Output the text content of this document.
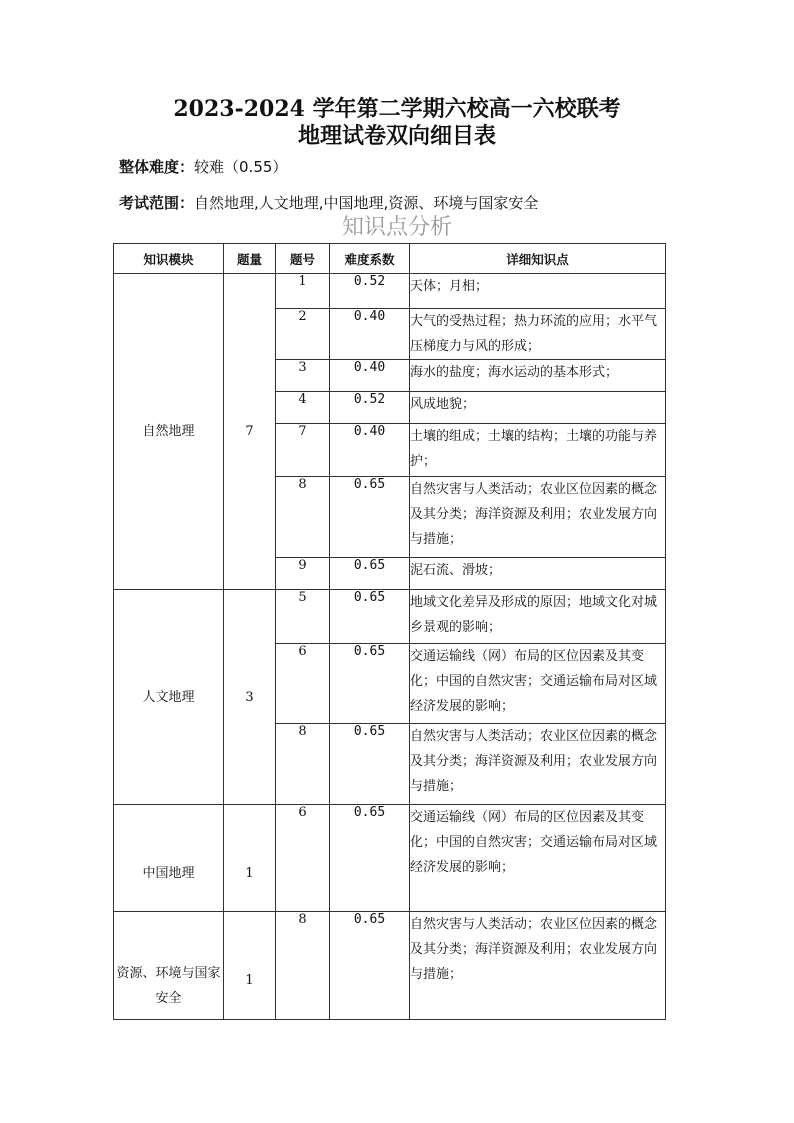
2023-2024 学年第二学期六校高一六校联考
地理试卷双向细目表
整体难度：较难（0.55）
考试范围：自然地理,人文地理,中国地理,资源、环境与国家安全
知识点分析
知识模块	题量	题号	难度系数	详细知识点
自然地理	7	1	0.52	天体；月相；
		2	0.40	大气的受热过程；热力环流的应用；水平气压梯度力与风的形成；
		3	0.40	海水的盐度；海水运动的基本形式；
		4	0.52	风成地貌；
		7	0.40	土壤的组成；土壤的结构；土壤的功能与养护；
		8	0.65	自然灾害与人类活动；农业区位因素的概念及其分类；海洋资源及利用；农业发展方向与措施；
		9	0.65	泥石流、滑坡；
人文地理	3	5	0.65	地域文化差异及形成的原因；地域文化对城乡景观的影响；
		6	0.65	交通运输线（网）布局的区位因素及其变化；中国的自然灾害；交通运输布局对区域经济发展的影响；
		8	0.65	自然灾害与人类活动；农业区位因素的概念及其分类；海洋资源及利用；农业发展方向与措施；
中国地理	1	6	0.65	交通运输线（网）布局的区位因素及其变化；中国的自然灾害；交通运输布局对区域经济发展的影响；
资源、环境与国家安全	1	8	0.65	自然灾害与人类活动；农业区位因素的概念及其分类；海洋资源及利用；农业发展方向与措施；
